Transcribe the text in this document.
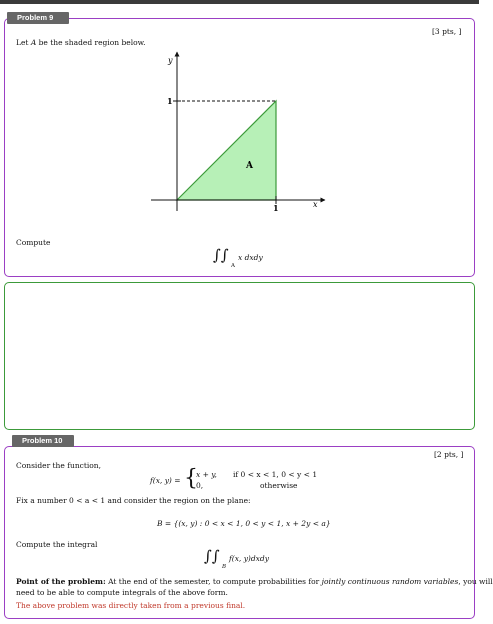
Problem 9
[3 pts, ]
Let A be the shaded region below.
y
x
1
1
A
Compute
∫∫
A
x dxdy
Problem 10
[2 pts, ]
Consider the function,
f(x, y) = {
x + y, if 0 < x < 1, 0 < y < 1
0,	otherwise
Fix a number 0 < a < 1 and consider the region on the plane:
B = {(x, y) : 0 < x < 1, 0 < y < 1, x + 2y < a}
Compute the integral
∫∫
B
f(x, y)dxdy
Point of the problem: At the end of the semester, to compute probabilities for jointly continuous random variables, you will
need to be able to compute integrals of the above form.
The above problem was directly taken from a previous final.
